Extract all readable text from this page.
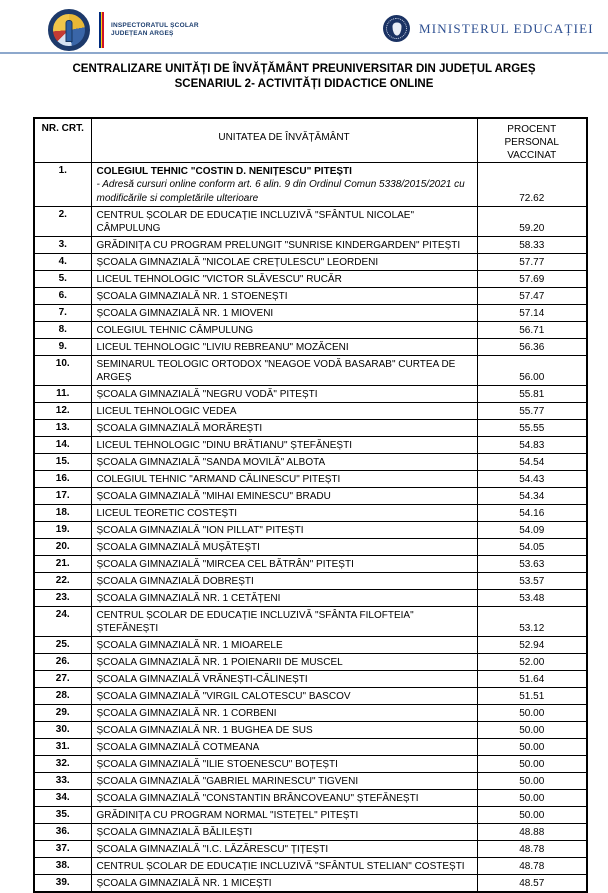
INSPECTORATUL ȘCOLAR
JUDEȚEAN ARGEȘ	MINISTERUL EDUCAȚIEI
CENTRALIZARE UNITĂȚI DE ÎNVĂȚĂMÂNT PREUNIVERSITAR DIN JUDEȚUL ARGEȘ
SCENARIUL 2- ACTIVITĂȚI DIDACTICE ONLINE
NR. CRT.	UNITATEA DE ÎNVĂȚĂMÂNT	PROCENT PERSONAL VACCINAT
1.	COLEGIUL TEHNIC "COSTIN D. NENIȚESCU" PITEȘTI
- Adresă cursuri online conform art. 6 alin. 9 din Ordinul Comun 5338/2015/2021 cu modificările si completările ulterioare	72.62
2.	CENTRUL ȘCOLAR DE EDUCAȚIE INCLUZIVĂ "SFÂNTUL NICOLAE" CÂMPULUNG	59.20
3.	GRĂDINIȚA CU PROGRAM PRELUNGIT "SUNRISE KINDERGARDEN" PITEȘTI	58.33
4.	ȘCOALA GIMNAZIALĂ "NICOLAE CREȚULESCU" LEORDENI	57.77
5.	LICEUL TEHNOLOGIC "VICTOR SLĂVESCU" RUCĂR	57.69
6.	ȘCOALA GIMNAZIALĂ NR. 1 STOENEȘTI	57.47
7.	ȘCOALA GIMNAZIALĂ NR. 1 MIOVENI	57.14
8.	COLEGIUL TEHNIC CÂMPULUNG	56.71
9.	LICEUL TEHNOLOGIC "LIVIU REBREANU" MOZĂCENI	56.36
10.	SEMINARUL TEOLOGIC ORTODOX "NEAGOE VODĂ BASARAB" CURTEA DE ARGEȘ	56.00
11.	ȘCOALA GIMNAZIALĂ "NEGRU VODĂ" PITEȘTI	55.81
12.	LICEUL TEHNOLOGIC VEDEA	55.77
13.	ȘCOALA GIMNAZIALĂ MORĂREȘTI	55.55
14.	LICEUL TEHNOLOGIC "DINU BRĂTIANU" ȘTEFĂNEȘTI	54.83
15.	ȘCOALA GIMNAZIALĂ "SANDA MOVILĂ" ALBOTA	54.54
16.	COLEGIUL TEHNIC "ARMAND CĂLINESCU" PITEȘTI	54.43
17.	ȘCOALA GIMNAZIALĂ "MIHAI EMINESCU" BRADU	54.34
18.	LICEUL TEORETIC COSTEȘTI	54.16
19.	ȘCOALA GIMNAZIALĂ "ION PILLAT" PITEȘTI	54.09
20.	ȘCOALA GIMNAZIALĂ MUȘĂTEȘTI	54.05
21.	ȘCOALA GIMNAZIALĂ "MIRCEA CEL BĂTRÂN" PITEȘTI	53.63
22.	ȘCOALA GIMNAZIALĂ DOBREȘTI	53.57
23.	ȘCOALA GIMNAZIALĂ NR. 1 CETĂȚENI	53.48
24.	CENTRUL ȘCOLAR DE EDUCAȚIE INCLUZIVĂ "SFÂNTA FILOFTEIA" ȘTEFĂNEȘTI	53.12
25.	ȘCOALA GIMNAZIALĂ NR. 1 MIOARELE	52.94
26.	ȘCOALA GIMNAZIALĂ NR. 1 POIENARII DE MUSCEL	52.00
27.	ȘCOALA GIMNAZIALĂ VRĂNEȘTI-CĂLINEȘTI	51.64
28.	ȘCOALA GIMNAZIALĂ "VIRGIL CALOTESCU" BASCOV	51.51
29.	ȘCOALA GIMNAZIALĂ NR. 1 CORBENI	50.00
30.	ȘCOALA GIMNAZIALĂ NR. 1 BUGHEA DE SUS	50.00
31.	ȘCOALA GIMNAZIALĂ COTMEANA	50.00
32.	ȘCOALA GIMNAZIALĂ "ILIE STOENESCU" BOȚEȘTI	50.00
33.	ȘCOALA GIMNAZIALĂ "GABRIEL MARINESCU" TIGVENI	50.00
34.	ȘCOALA GIMNAZIALĂ "CONSTANTIN BRÂNCOVEANU" ȘTEFĂNEȘTI	50.00
35.	GRĂDINIȚA CU PROGRAM NORMAL "ISTEȚEL" PITEȘTI	50.00
36.	ȘCOALA GIMNAZIALĂ BĂLILEȘTI	48.88
37.	ȘCOALA GIMNAZIALĂ "I.C. LĂZĂRESCU" ȚIȚEȘTI	48.78
38.	CENTRUL ȘCOLAR DE EDUCAȚIE INCLUZIVĂ "SFÂNTUL STELIAN" COSTEȘTI	48.78
39.	ȘCOALA GIMNAZIALĂ NR. 1 MICEȘTI	48.57
